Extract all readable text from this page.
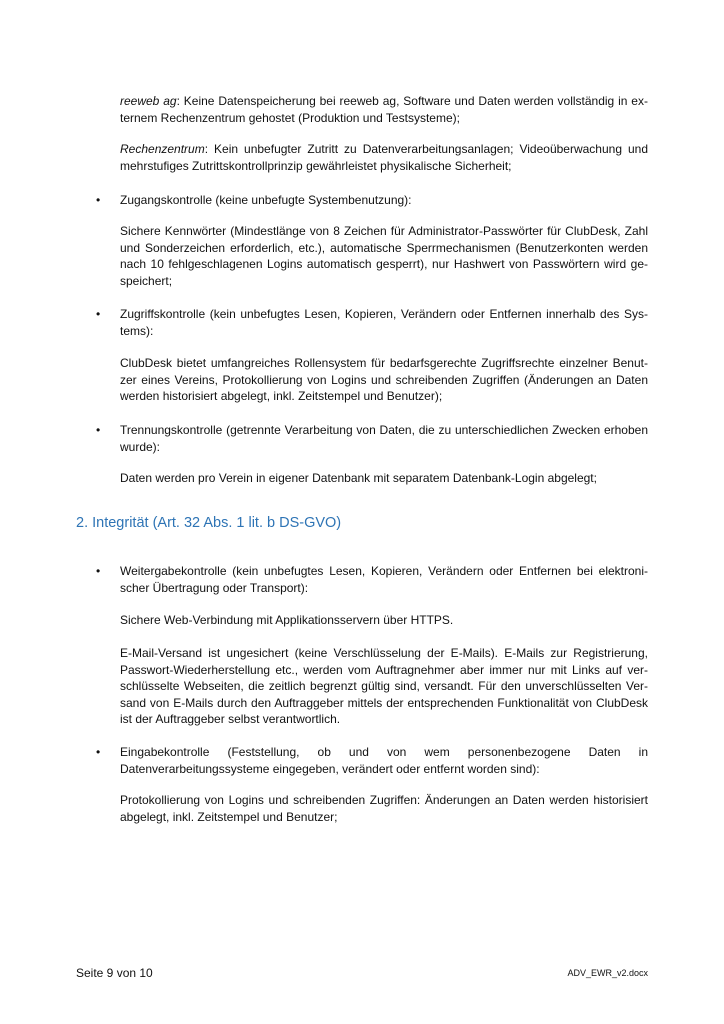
reeweb ag: Keine Datenspeicherung bei reeweb ag, Software und Daten werden vollständig in externem Rechenzentrum gehostet (Produktion und Testsysteme);

Rechenzentrum: Kein unbefugter Zutritt zu Datenverarbeitungsanlagen; Videoüberwachung und mehrstufiges Zutrittskontrollprinzip gewährleistet physikalische Sicherheit;

• Zugangskontrolle (keine unbefugte Systembenutzung):

Sichere Kennwörter (Mindestlänge von 8 Zeichen für Administrator-Passwörter für ClubDesk, Zahl und Sonderzeichen erforderlich, etc.), automatische Sperrmechanismen (Benutzerkonten werden nach 10 fehlgeschlagenen Logins automatisch gesperrt), nur Hashwert von Passwörtern wird gespeichert;

• Zugriffskontrolle (kein unbefugtes Lesen, Kopieren, Verändern oder Entfernen innerhalb des Systems):

ClubDesk bietet umfangreiches Rollensystem für bedarfsgerechte Zugriffsrechte einzelner Benutzer eines Vereins, Protokollierung von Logins und schreibenden Zugriffen (Änderungen an Daten werden historisiert abgelegt, inkl. Zeitstempel und Benutzer);

• Trennungskontrolle (getrennte Verarbeitung von Daten, die zu unterschiedlichen Zwecken erhoben wurde):

Daten werden pro Verein in eigener Datenbank mit separatem Datenbank-Login abgelegt;

2. Integrität (Art. 32 Abs. 1 lit. b DS-GVO)
• Weitergabekontrolle (kein unbefugtes Lesen, Kopieren, Verändern oder Entfernen bei elektronischer Übertragung oder Transport):

Sichere Web-Verbindung mit Applikationsservern über HTTPS.

E-Mail-Versand ist ungesichert (keine Verschlüsselung der E-Mails). E-Mails zur Registrierung, Passwort-Wiederherstellung etc., werden vom Auftragnehmer aber immer nur mit Links auf verschlüsselte Webseiten, die zeitlich begrenzt gültig sind, versandt. Für den unverschlüsselten Versand von E-Mails durch den Auftraggeber mittels der entsprechenden Funktionalität von ClubDesk ist der Auftraggeber selbst verantwortlich.

• Eingabekontrolle (Feststellung, ob und von wem personenbezogene Daten in Datenverarbeitungssysteme eingegeben, verändert oder entfernt worden sind):

Protokollierung von Logins und schreibenden Zugriffen: Änderungen an Daten werden historisiert abgelegt, inkl. Zeitstempel und Benutzer;

Seite 9 von 10	ADV_EWR_v2.docx
